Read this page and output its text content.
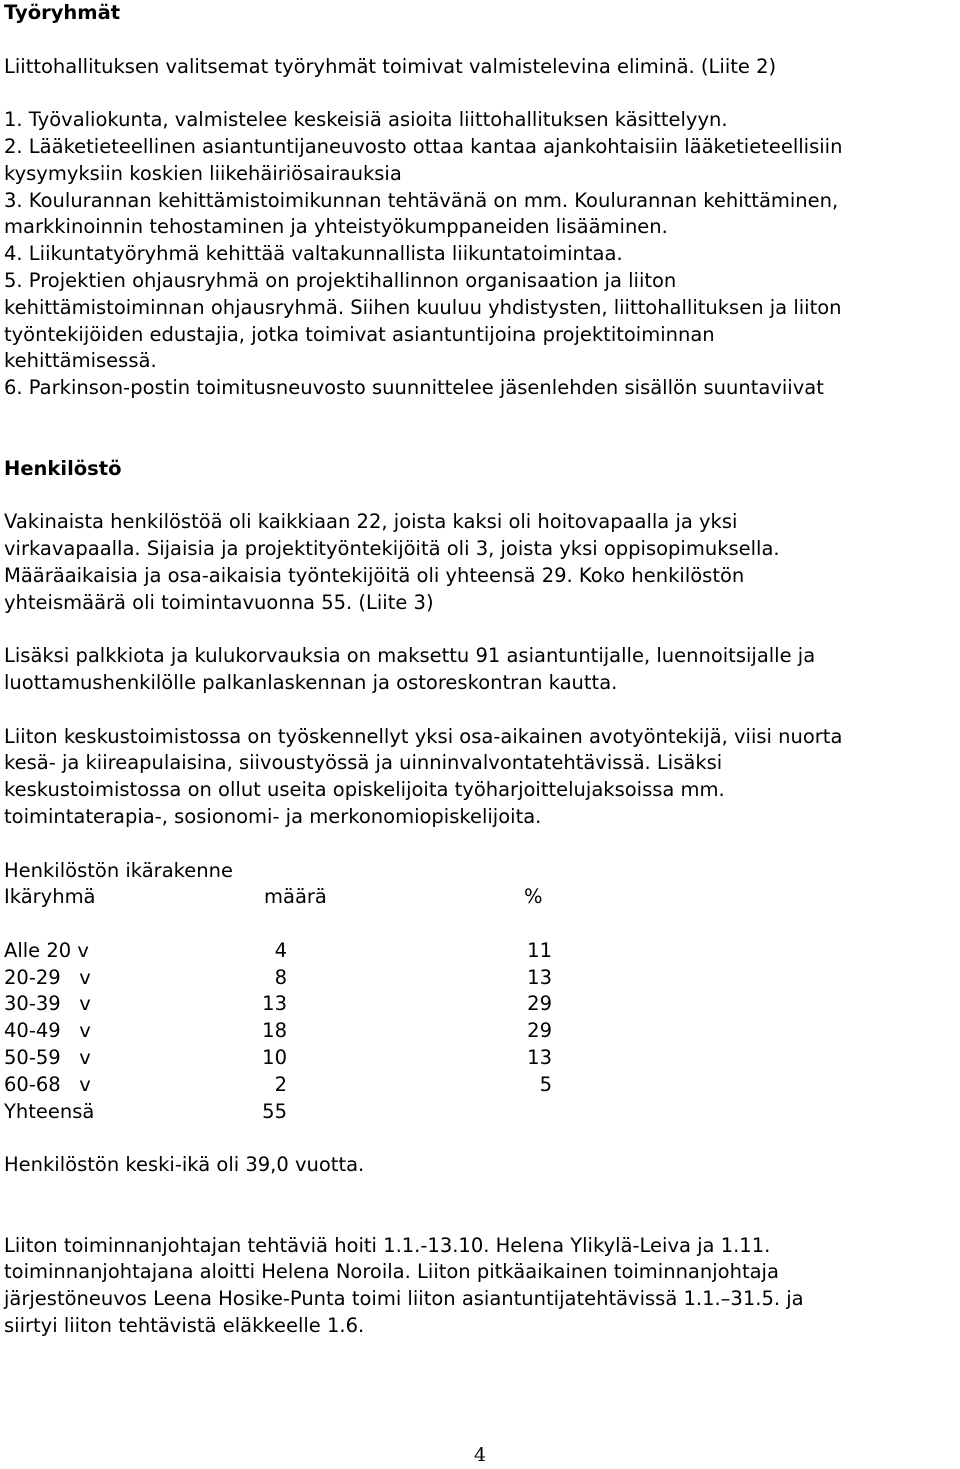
Työryhmät

Liittohallituksen valitsemat työryhmät toimivat valmistelevina eliminä. (Liite 2)

1. Työvaliokunta, valmistelee keskeisiä asioita liittohallituksen käsittelyyn.
2. Lääketieteellinen asiantuntijaneuvosto ottaa kantaa ajankohtaisiin lääketieteellisiin
kysymyksiin koskien liikehäiriösairauksia
3. Koulurannan kehittämistoimikunnan tehtävänä on mm. Koulurannan kehittäminen,
markkinoinnin tehostaminen ja yhteistyökumppaneiden lisääminen.
4. Liikuntatyöryhmä kehittää valtakunnallista liikuntatoimintaa.
5. Projektien ohjausryhmä on projektihallinnon organisaation ja liiton
kehittämistoiminnan ohjausryhmä. Siihen kuuluu yhdistysten, liittohallituksen ja liiton
työntekijöiden edustajia, jotka toimivat asiantuntijoina projektitoiminnan
kehittämisessä.
6. Parkinson-postin toimitusneuvosto suunnittelee jäsenlehden sisällön suuntaviivat
Henkilöstö
Vakinaista henkilöstöä oli kaikkiaan 22, joista kaksi oli hoitovapaalla ja yksi
virkavapaalla. Sijaisia ja projektityöntekijöitä oli 3, joista yksi oppisopimuksella.
Määräaikaisia ja osa-aikaisia työntekijöitä oli yhteensä 29. Koko henkilöstön
yhteismäärä oli toimintavuonna 55. (Liite 3)
Lisäksi palkkiota ja kulukorvauksia on maksettu 91 asiantuntijalle, luennoitsijalle ja
luottamushenkilölle palkanlaskennan ja ostoreskontran kautta.
Liiton keskustoimistossa on työskennellyt yksi osa-aikainen avotyöntekijä, viisi nuorta
kesä- ja kiireapulaisina, siivoustyössä ja uinninvalvontatehtävissä. Lisäksi
keskustoimistossa on ollut useita opiskelijoita työharjoittelujaksoissa mm.
toimintaterapia-, sosionomi- ja merkonomiopiskelijoita.
Henkilöstön ikärakenne
Ikäryhmä	määrä	%
Alle 20 v	4	11
20-29   v	8	13
30-39   v	13	29
40-49   v	18	29
50-59   v	10	13
60-68   v	2	5
Yhteensä	55

Henkilöstön keski-ikä oli 39,0 vuotta.

Liiton toiminnanjohtajan tehtäviä hoiti 1.1.-13.10. Helena Ylikylä-Leiva ja 1.11.
toiminnanjohtajana aloitti Helena Noroila. Liiton pitkäaikainen toiminnanjohtaja
järjestöneuvos Leena Hosike-Punta toimi liiton asiantuntijatehtävissä 1.1.–31.5. ja
siirtyi liiton tehtävistä eläkkeelle 1.6.
4
